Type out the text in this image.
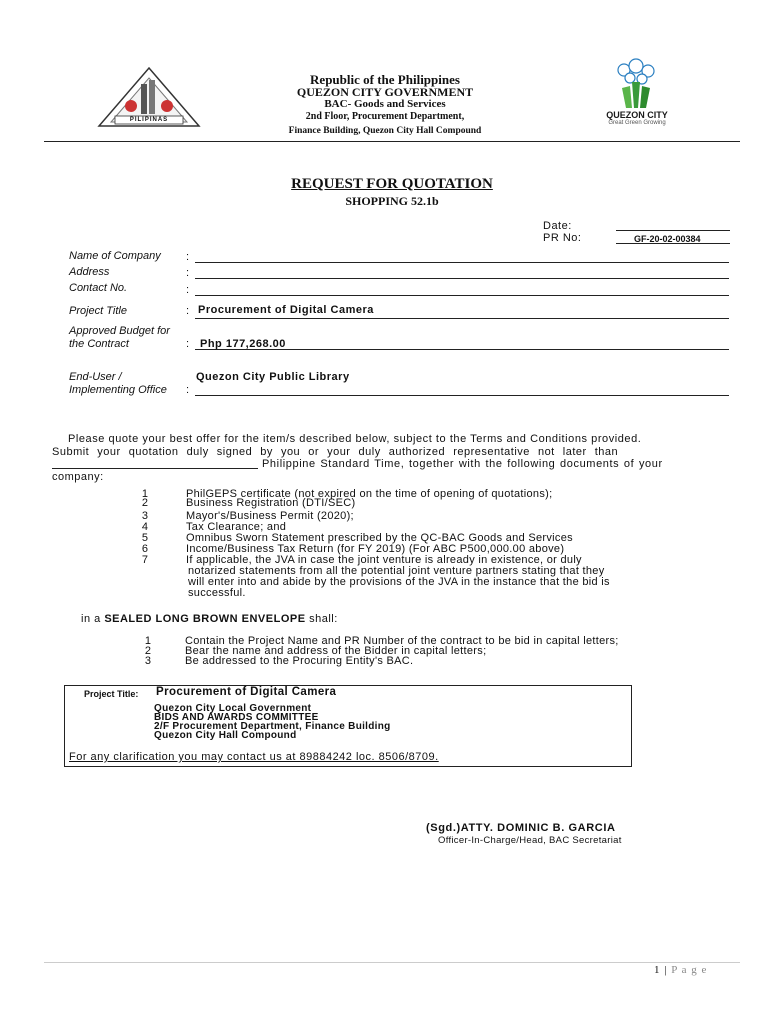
PILIPINAS
Republic of the Philippines
QUEZON CITY GOVERNMENT
BAC- Goods and Services
2nd Floor, Procurement Department,
Finance Building, Quezon City Hall Compound
QUEZON CITY
Great Green Growing
REQUEST FOR QUOTATION
SHOPPING 52.1b
Date:
PR No:	GF-20-02-00384
Name of Company :
Address	:
Contact No.	:
Project Title	: Procurement of Digital Camera
Approved Budget for
the Contract	: Php 177,268.00
End-User /
Implementing Office :
Quezon City Public Library
Please quote your best offer for the item/s described below, subject to the Terms and Conditions provided.
Submit your quotation duly signed by you or your duly authorized representative not later than
Philippine Standard Time, together with the following documents of your
company:
1	PhilGEPS certificate (not expired on the time of opening of quotations);
2	Business Registration (DTI/SEC)
3	Mayor's/Business Permit (2020);
4	Tax Clearance; and
5	Omnibus Sworn Statement prescribed by the QC-BAC Goods and Services
6	Income/Business Tax Return (for FY 2019) (For ABC P500,000.00 above)
7	If applicable, the JVA in case the joint venture is already in existence, or duly
notarized statements from all the potential joint venture partners stating that they
will enter into and abide by the provisions of the JVA in the instance that the bid is
successful.
in a SEALED LONG BROWN ENVELOPE shall:
1	Contain the Project Name and PR Number of the contract to be bid in capital letters;
2	Bear the name and address of the Bidder in capital letters;
3	Be addressed to the Procuring Entity's BAC.
Project Title: Procurement of Digital Camera
Quezon City Local Government
BIDS AND AWARDS COMMITTEE
2/F Procurement Department, Finance Building
Quezon City Hall Compound
For any clarification you may contact us at 89884242 loc. 8506/8709.
(Sgd.)ATTY. DOMINIC B. GARCIA
Officer-In-Charge/Head, BAC Secretariat
1 | P a g e
